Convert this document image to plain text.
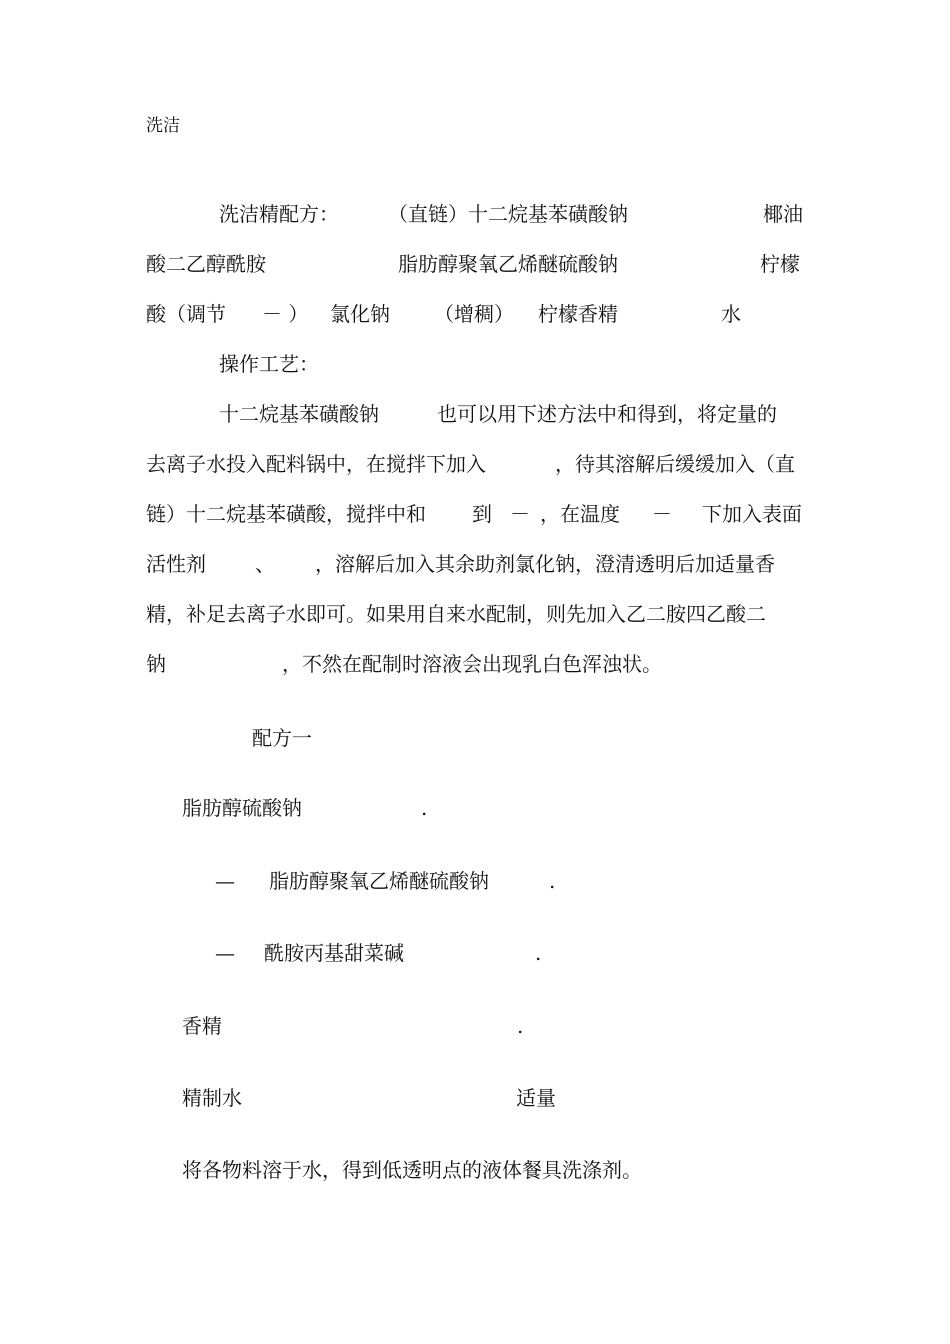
洗洁
洗洁精配方： （直链）十二烷基苯磺酸钠	椰油
酸二乙醇酰胺	脂肪醇聚氧乙烯醚硫酸钠	柠檬
酸（调节 － ） 氯化钠 （增稠） 柠檬香精	水
操作工艺：
十二烷基苯磺酸钠	也可以用下述方法中和得到，将定量的
去离子水投入配料锅中，在搅拌下加入	，待其溶解后缓缓加入（直
链）十二烷基苯磺酸，搅拌中和 到 － ，在温度 － 下加入表面
活性剂 、 ，溶解后加入其余助剂氯化钠，澄清透明后加适量香
精，补足去离子水即可。如果用自来水配制，则先加入乙二胺四乙酸二
钠	，不然在配制时溶液会出现乳白色浑浊状。
配方一
脂肪醇硫酸钠	.
— 脂肪醇聚氧乙烯醚硫酸钠	.
— 酰胺丙基甜菜碱	.
香精	.
精制水	适量
将各物料溶于水，得到低透明点的液体餐具洗涤剂。
